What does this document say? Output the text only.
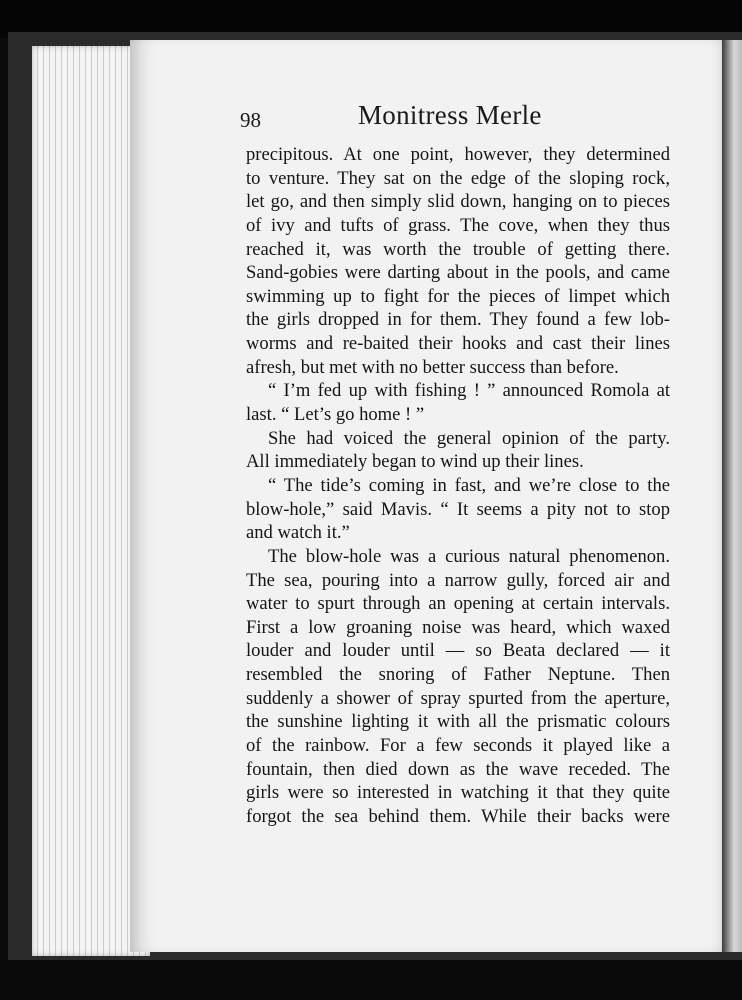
98	Monitress Merle
precipitous. At one point, however, they determined
to venture. They sat on the edge of the sloping rock,
let go, and then simply slid down, hanging on to pieces
of ivy and tufts of grass. The cove, when they thus
reached it, was worth the trouble of getting there.
Sand-gobies were darting about in the pools, and came
swimming up to fight for the pieces of limpet which
the girls dropped in for them. They found a few lob-
worms and re-baited their hooks and cast their lines
afresh, but met with no better success than before.
“ I’m fed up with fishing ! ” announced Romola at
last. “ Let’s go home ! ”
She had voiced the general opinion of the party.
All immediately began to wind up their lines.
“ The tide’s coming in fast, and we’re close to the
blow-hole,” said Mavis. “ It seems a pity not to stop
and watch it.”
The blow-hole was a curious natural phenomenon.
The sea, pouring into a narrow gully, forced air and
water to spurt through an opening at certain intervals.
First a low groaning noise was heard, which waxed
louder and louder until — so Beata declared — it
resembled the snoring of Father Neptune. Then
suddenly a shower of spray spurted from the aperture,
the sunshine lighting it with all the prismatic colours
of the rainbow. For a few seconds it played like a
fountain, then died down as the wave receded. The
girls were so interested in watching it that they quite
forgot the sea behind them. While their backs were
